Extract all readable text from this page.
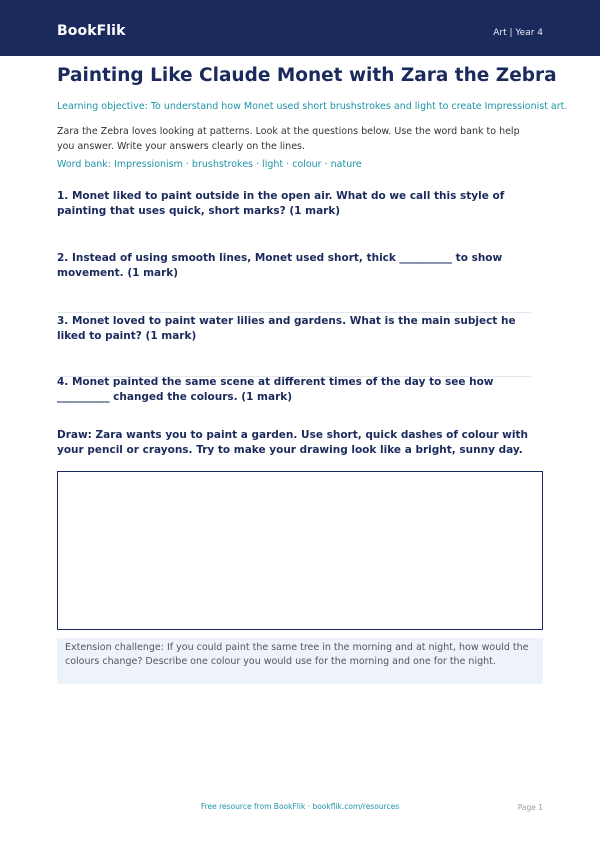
BookFlik	Art | Year 4
Painting Like Claude Monet with Zara the Zebra
Learning objective: To understand how Monet used short brushstrokes and light to create Impressionist art.
Zara the Zebra loves looking at patterns. Look at the questions below. Use the word bank to help you answer. Write your answers clearly on the lines.
Word bank: Impressionism · brushstrokes · light · colour · nature
1. Monet liked to paint outside in the open air. What do we call this style of painting that uses quick, short marks? (1 mark)
2. Instead of using smooth lines, Monet used short, thick __________ to show movement. (1 mark)
3. Monet loved to paint water lilies and gardens. What is the main subject he liked to paint? (1 mark)
4. Monet painted the same scene at different times of the day to see how __________ changed the colours. (1 mark)
Draw: Zara wants you to paint a garden. Use short, quick dashes of colour with your pencil or crayons. Try to make your drawing look like a bright, sunny day.
Extension challenge: If you could paint the same tree in the morning and at night, how would the colours change? Describe one colour you would use for the morning and one for the night.
Free resource from BookFlik · bookflik.com/resources	Page 1
